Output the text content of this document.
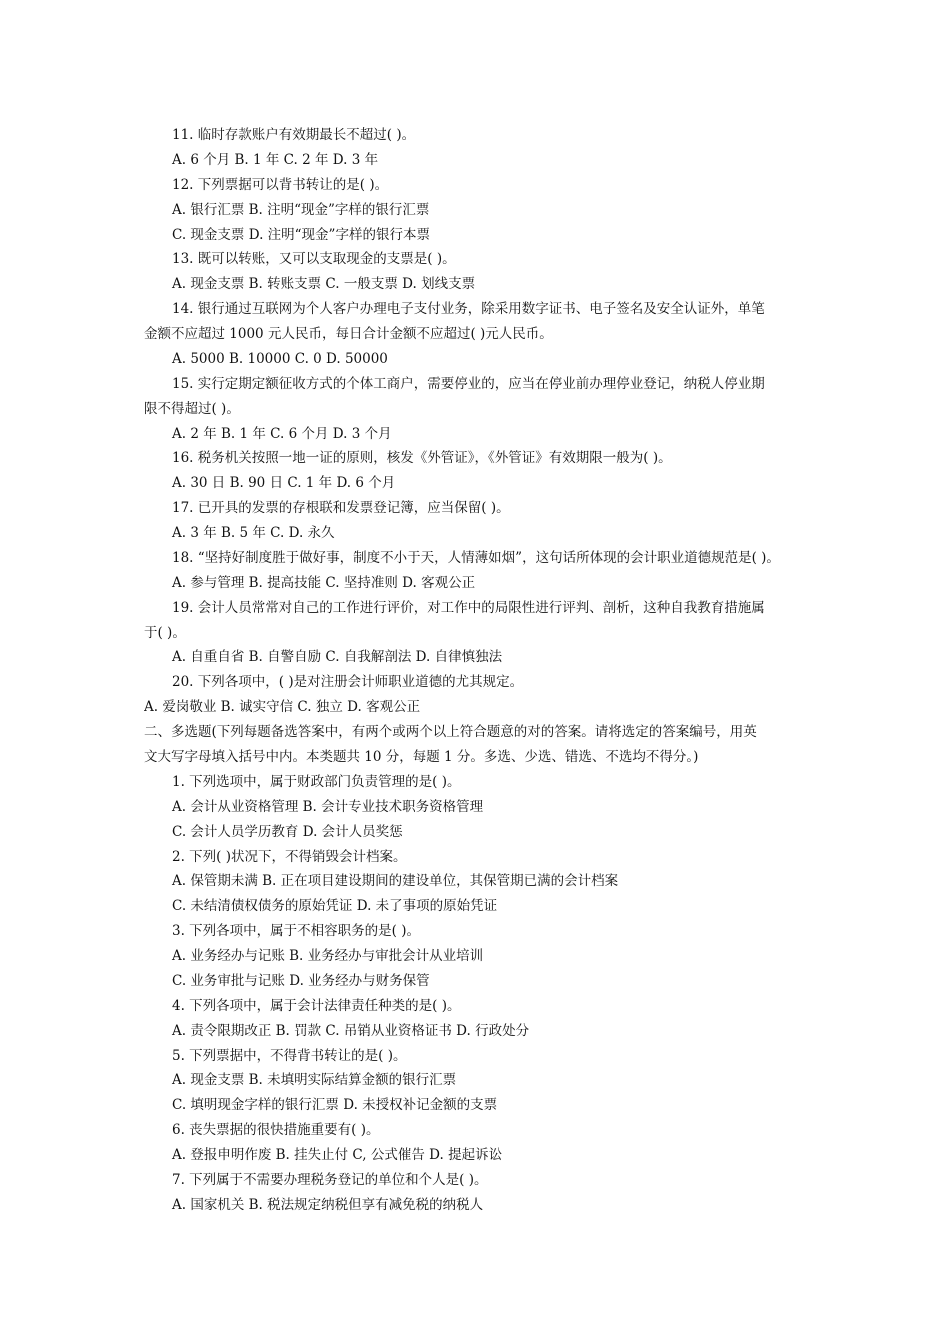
11. 临时存款账户有效期最长不超过( )。
A. 6 个月 B. 1 年 C. 2 年 D. 3 年
12. 下列票据可以背书转让的是( )。
A. 银行汇票 B. 注明“现金”字样的银行汇票
C. 现金支票 D. 注明“现金”字样的银行本票
13. 既可以转账，又可以支取现金的支票是( )。
A. 现金支票 B. 转账支票 C. 一般支票 D. 划线支票
14. 银行通过互联网为个人客户办理电子支付业务，除采用数字证书、电子签名及安全认证外，单笔
金额不应超过 1000 元人民币，每日合计金额不应超过( )元人民币。
A. 5000 B. 10000 C. 0 D. 50000
15. 实行定期定额征收方式的个体工商户，需要停业的，应当在停业前办理停业登记，纳税人停业期
限不得超过( )。
A. 2 年 B. 1 年 C. 6 个月 D. 3 个月
16. 税务机关按照一地一证的原则，核发《外管证》，《外管证》有效期限一般为( )。
A. 30 日 B. 90 日 C. 1 年 D. 6 个月
17. 已开具的发票的存根联和发票登记簿，应当保留( )。
A. 3 年 B. 5 年 C. D. 永久
18. “坚持好制度胜于做好事，制度不小于天，人情薄如烟”，这句话所体现的会计职业道德规范是( )。
A. 参与管理 B. 提高技能 C. 坚持准则 D. 客观公正
19. 会计人员常常对自己的工作进行评价，对工作中的局限性进行评判、剖析，这种自我教育措施属
于( )。
A. 自重自省 B. 自警自励 C. 自我解剖法 D. 自律慎独法
20. 下列各项中，( )是对注册会计师职业道德的尤其规定。
A. 爱岗敬业 B. 诚实守信 C. 独立 D. 客观公正
二、多选题(下列每题备选答案中，有两个或两个以上符合题意的对的答案。请将选定的答案编号，用英
文大写字母填入括号中内。本类题共 10 分，每题 1 分。多选、少选、错选、不选均不得分。)
1. 下列选项中，属于财政部门负责管理的是( )。
A. 会计从业资格管理 B. 会计专业技术职务资格管理
C. 会计人员学历教育 D. 会计人员奖惩
2. 下列( )状况下，不得销毁会计档案。
A. 保管期未满 B. 正在项目建设期间的建设单位，其保管期已满的会计档案
C. 未结清债权债务的原始凭证 D. 未了事项的原始凭证
3. 下列各项中，属于不相容职务的是( )。
A. 业务经办与记账 B. 业务经办与审批会计从业培训
C. 业务审批与记账 D. 业务经办与财务保管
4. 下列各项中，属于会计法律责任种类的是( )。
A. 责令限期改正 B. 罚款 C. 吊销从业资格证书 D. 行政处分
5. 下列票据中，不得背书转让的是( )。
A. 现金支票 B. 未填明实际结算金额的银行汇票
C. 填明现金字样的银行汇票 D. 未授权补记金额的支票
6. 丧失票据的很快措施重要有( )。
A. 登报申明作废 B. 挂失止付 C, 公式催告 D. 提起诉讼
7. 下列属于不需要办理税务登记的单位和个人是( )。
A. 国家机关 B. 税法规定纳税但享有减免税的纳税人
